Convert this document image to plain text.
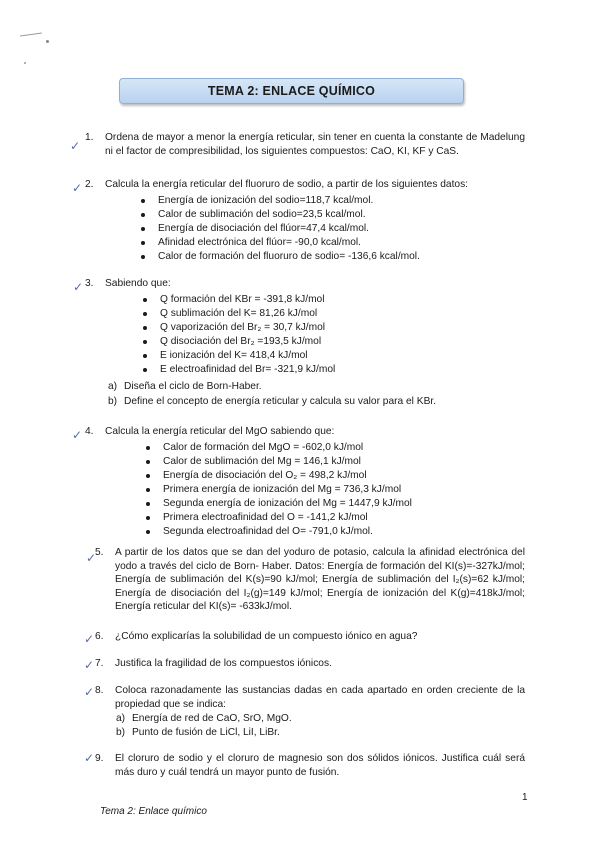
TEMA 2: ENLACE QUÍMICO
✓
1.	Ordena de mayor a menor la energía reticular, sin tener en cuenta la constante de Madelung ni el factor de compresibilidad, los siguientes compuestos: CaO, KI, KF y CaS.
✓ 2.	Calcula la energía reticular del fluoruro de sodio, a partir de los siguientes datos:
Energía de ionización del sodio=118,7 kcal/mol.
Calor de sublimación del sodio=23,5 kcal/mol.
Energía de disociación del flúor=47,4 kcal/mol.
Afinidad electrónica del flúor= -90,0 kcal/mol.
Calor de formación del fluoruro de sodio= -136,6 kcal/mol.
✓ 3.	Sabiendo que:
Q formación del KBr = -391,8 kJ/mol
Q sublimación del K= 81,26 kJ/mol
Q vaporización del Br₂ = 30,7 kJ/mol
Q disociación del Br₂ =193,5 kJ/mol
E ionización del K= 418,4 kJ/mol
E electroafinidad del Br= -321,9 kJ/mol
a) Diseña el ciclo de Born-Haber.
b) Define el concepto de energía reticular y calcula su valor para el KBr.
✓ 4.	Calcula la energía reticular del MgO sabiendo que:
Calor de formación del MgO = -602,0 kJ/mol
Calor de sublimación del Mg = 146,1 kJ/mol
Energía de disociación del O₂ = 498,2 kJ/mol
Primera energía de ionización del Mg = 736,3 kJ/mol
Segunda energía de ionización del Mg = 1447,9 kJ/mol
Primera electroafinidad del O = -141,2 kJ/mol
Segunda electroafinidad del O= -791,0 kJ/mol.
✓
5.	A partir de los datos que se dan del yoduro de potasio, calcula la afinidad electrónica del yodo a través del ciclo de Born- Haber. Datos: Energía de formación del KI(s)=-327kJ/mol; Energía de sublimación del K(s)=90 kJ/mol; Energía de sublimación del I₂(s)=62 kJ/mol; Energía de disociación del I₂(g)=149 kJ/mol; Energía de ionización del K(g)=418kJ/mol; Energía reticular del KI(s)= -633kJ/mol.
✓ 6.	¿Cómo explicarías la solubilidad de un compuesto iónico en agua?
✓ 7.	Justifica la fragilidad de los compuestos iónicos.
✓ 8.	Coloca razonadamente las sustancias dadas en cada apartado en orden creciente de la propiedad que se indica:
a) Energía de red de CaO, SrO, MgO.
b) Punto de fusión de LiCl, LiI, LiBr.
✓ 9.	El cloruro de sodio y el cloruro de magnesio son dos sólidos iónicos. Justifica cuál será más duro y cuál tendrá un mayor punto de fusión.
1
Tema 2: Enlace químico
